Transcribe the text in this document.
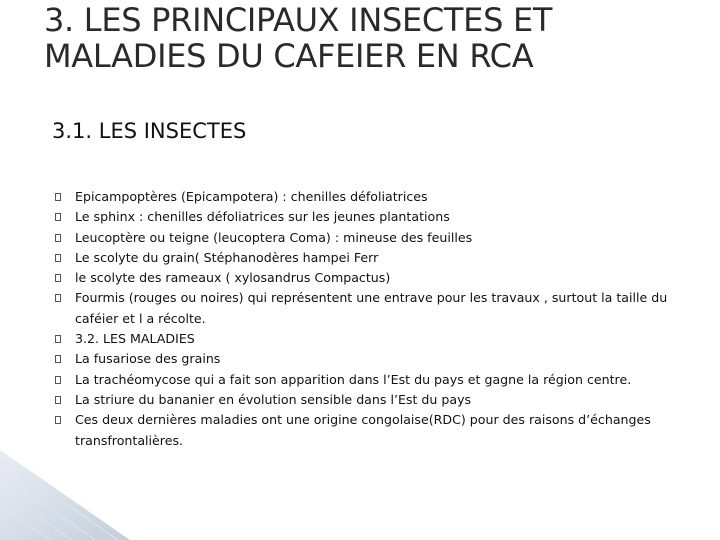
3. LES PRINCIPAUX INSECTES ET
MALADIES DU CAFEIER EN RCA
3.1. LES INSECTES
Epicampoptères (Epicampotera) : chenilles défoliatrices
Le sphinx : chenilles défoliatrices sur les jeunes plantations
Leucoptère ou teigne (leucoptera Coma) : mineuse des feuilles
Le scolyte du grain( Stéphanodères hampei Ferr
le scolyte des rameaux ( xylosandrus Compactus)
Fourmis (rouges ou noires) qui représentent une entrave pour les travaux , surtout la taille du caféier et l a récolte.
3.2. LES MALADIES
La fusariose des grains
La trachéomycose qui a fait son apparition dans l’Est du pays et gagne la région centre.
La striure du bananier en évolution sensible dans l’Est du pays
Ces deux dernières maladies ont une origine congolaise(RDC) pour des raisons d’échanges transfrontalières.
